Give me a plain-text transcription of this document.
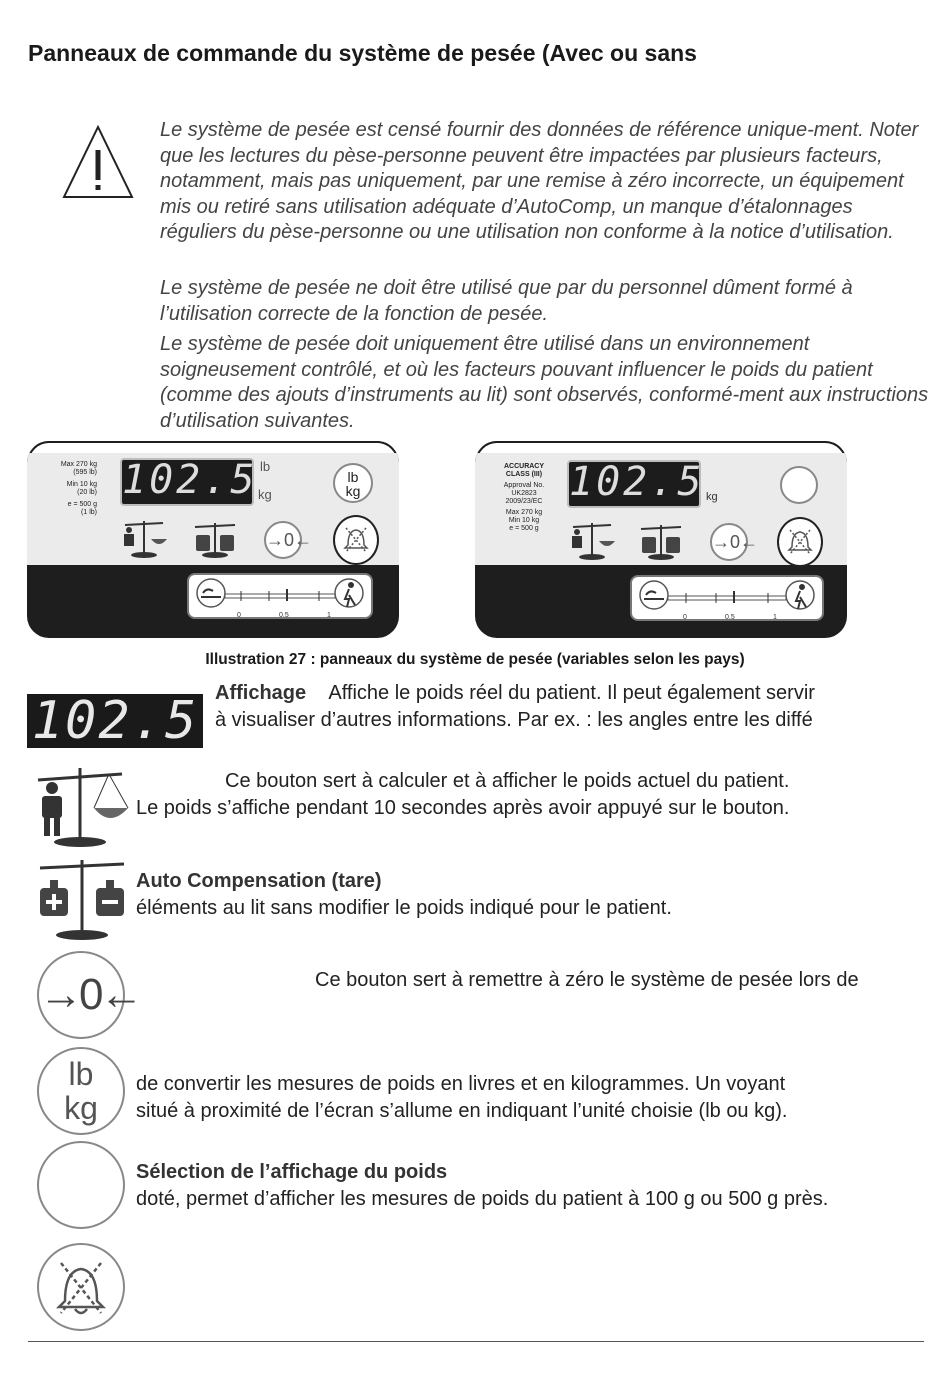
Panneaux de commande du système de pesée (Avec ou sans

Le système de pesée est censé fournir des données de référence unique-ment. Noter que les lectures du pèse-personne peuvent être impactées par plusieurs facteurs, notamment, mais pas uniquement, par une remise à zéro incorrecte, un équipement mis ou retiré sans utilisation adéquate d’AutoComp, un manque d’étalonnages réguliers du pèse-personne ou une utilisation non conforme à la notice d’utilisation.

Le système de pesée ne doit être utilisé que par du personnel dûment formé à l’utilisation correcte de la fonction de pesée.

Le système de pesée doit uniquement être utilisé dans un environnement soigneusement contrôlé, et où les facteurs pouvant influencer le poids du patient (comme des ajouts d’instruments au lit) sont observés, conformé-ment aux instructions d’utilisation suivantes.

Max 270 kg
(595 lb)
Min 10 kg
(20 lb)
e = 500 g
(1 lb)
102.5 lb
kg
lb
kg
→0←
0	0.5	1
ACCURACY
CLASS (III)
Approval No.
UK2823
2009/23/EC
Max 270 kg
Min 10 kg
e = 500 g
102.5 kg
→0←
0	0.5	1
Illustration 27 : panneaux du système de pesée (variables selon les pays)
102.5 Affichage Affiche le poids réel du patient. Il peut également servir
à visualiser d’autres informations. Par ex. : les angles entre les diffé
Ce bouton sert à calculer et à afficher le poids actuel du patient.
Le poids s’affiche pendant 10 secondes après avoir appuyé sur le bouton.
Auto Compensation (tare)
éléments au lit sans modifier le poids indiqué pour le patient.
→0←	Ce bouton sert à remettre à zéro le système de pesée lors de
lb
kg
de convertir les mesures de poids en livres et en kilogrammes. Un voyant
situé à proximité de l’écran s’allume en indiquant l’unité choisie (lb ou kg).
Sélection de l’affichage du poids
doté, permet d’afficher les mesures de poids du patient à 100 g ou 500 g près.
